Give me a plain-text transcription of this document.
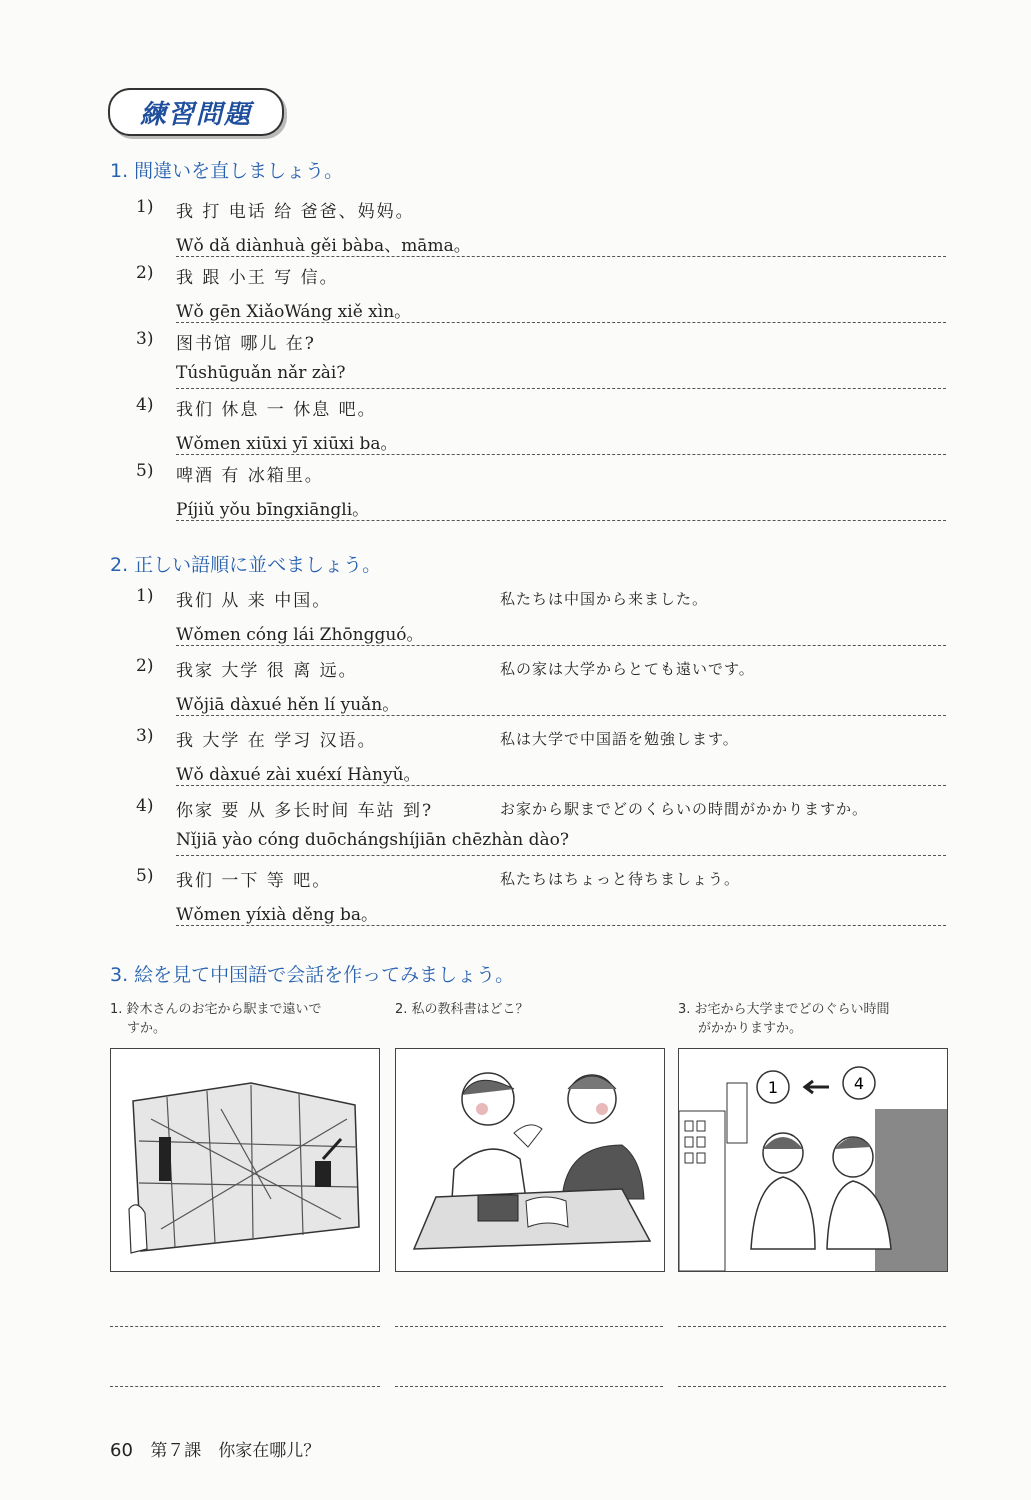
練習問題
1. 間違いを直しましょう。
1) 我 打 电话 给 爸爸、妈妈。
Wǒ dǎ diànhuà gěi bàba、māma。
2) 我 跟 小王 写 信。
Wǒ gēn XiǎoWáng xiě xìn。
3) 图书馆 哪儿 在?
Túshūguǎn nǎr zài?
4) 我们 休息 一 休息 吧。
Wǒmen xiūxi yī xiūxi ba。
5) 啤酒 有 冰箱里。
Píjiǔ yǒu bīngxiāngli。
2. 正しい語順に並べましょう。
1) 我们 从 来 中国。	私たちは中国から来ました。
Wǒmen cóng lái Zhōngguó。
2) 我家 大学 很 离 远。	私の家は大学からとても遠いです。
Wǒjiā dàxué hěn lí yuǎn。
3) 我 大学 在 学习 汉语。	私は大学で中国語を勉強します。
Wǒ dàxué zài xuéxí Hànyǔ。
4) 你家 要 从 多长时间 车站 到?	お家から駅までどのくらいの時間がかかりますか。
Nǐjiā yào cóng duōchángshíjiān chēzhàn dào?
5) 我们 一下 等 吧。	私たちはちょっと待ちましょう。
Wǒmen yíxià děng ba。
3. 絵を見て中国語で会話を作ってみましょう。
1. 鈴木さんのお宅から駅まで遠いで
すか。
2. 私の教科書はどこ？	3. お宅から大学までどのぐらい時間
がかかりますか。
1	4
60 第７課　你家在哪儿？
